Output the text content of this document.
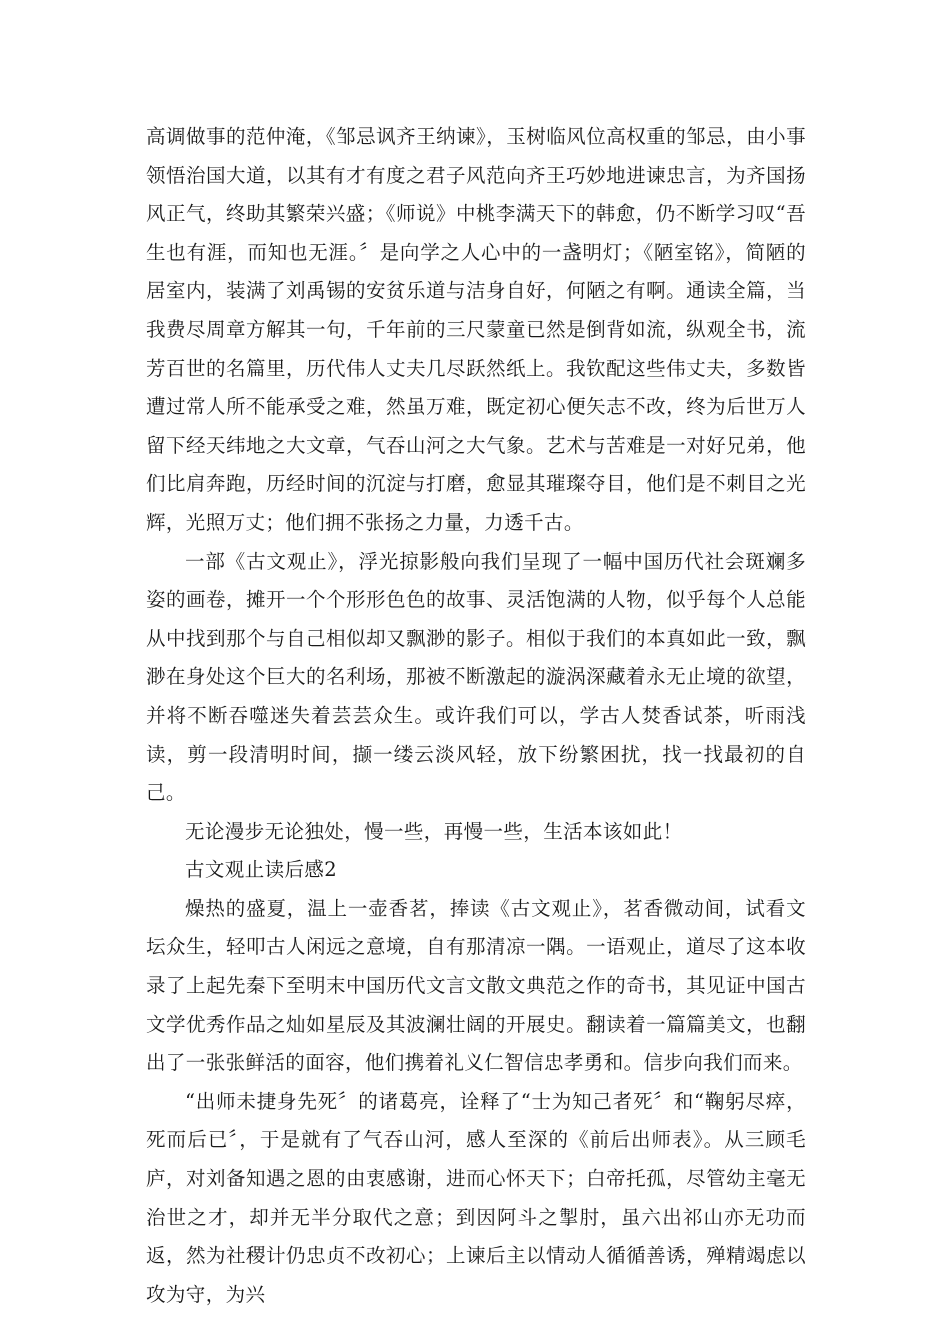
高调做事的范仲淹，《邹忌讽齐王纳谏》，玉树临风位高权重的邹忌，由小事领悟治国大道，以其有才有度之君子风范向齐王巧妙地进谏忠言，为齐国扬风正气，终助其繁荣兴盛；《师说》中桃李满天下的韩愈，仍不断学习叹“吾生也有涯，而知也无涯。〞是向学之人心中的一盏明灯；《陋室铭》，简陋的居室内，装满了刘禹锡的安贫乐道与洁身自好，何陋之有啊。通读全篇，当我费尽周章方解其一句，千年前的三尺蒙童已然是倒背如流，纵观全书，流芳百世的名篇里，历代伟人丈夫几尽跃然纸上。我钦配这些伟丈夫，多数皆遭过常人所不能承受之难，然虽万难，既定初心便矢志不改，终为后世万人留下经天纬地之大文章，气吞山河之大气象。艺术与苦难是一对好兄弟，他们比肩奔跑，历经时间的沉淀与打磨，愈显其璀璨夺目，他们是不刺目之光辉，光照万丈；他们拥不张扬之力量，力透千古。

一部《古文观止》，浮光掠影般向我们呈现了一幅中国历代社会斑斓多姿的画卷，摊开一个个形形色色的故事、灵活饱满的人物，似乎每个人总能从中找到那个与自己相似却又飘渺的影子。相似于我们的本真如此一致，飘渺在身处这个巨大的名利场，那被不断激起的漩涡深藏着永无止境的欲望，并将不断吞噬迷失着芸芸众生。或许我们可以，学古人焚香试茶，听雨浅读，剪一段清明时间，撷一缕云淡风轻，放下纷繁困扰，找一找最初的自己。

无论漫步无论独处，慢一些，再慢一些，生活本该如此！

古文观止读后感2

燥热的盛夏，温上一壶香茗，捧读《古文观止》，茗香微动间，试看文坛众生，轻叩古人闲远之意境，自有那清凉一隅。一语观止，道尽了这本收录了上起先秦下至明末中国历代文言文散文典范之作的奇书，其见证中国古文学优秀作品之灿如星辰及其波澜壮阔的开展史。翻读着一篇篇美文，也翻出了一张张鲜活的面容，他们携着礼义仁智信忠孝勇和。信步向我们而来。

“出师未捷身先死〞的诸葛亮，诠释了“士为知己者死〞和“鞠躬尽瘁，死而后已〞，于是就有了气吞山河，感人至深的《前后出师表》。从三顾毛庐，对刘备知遇之恩的由衷感谢，进而心怀天下；白帝托孤，尽管幼主毫无治世之才，却并无半分取代之意；到因阿斗之掣肘，虽六出祁山亦无功而返，然为社稷计仍忠贞不改初心；上谏后主以情动人循循善诱，殚精竭虑以攻为守，为兴
